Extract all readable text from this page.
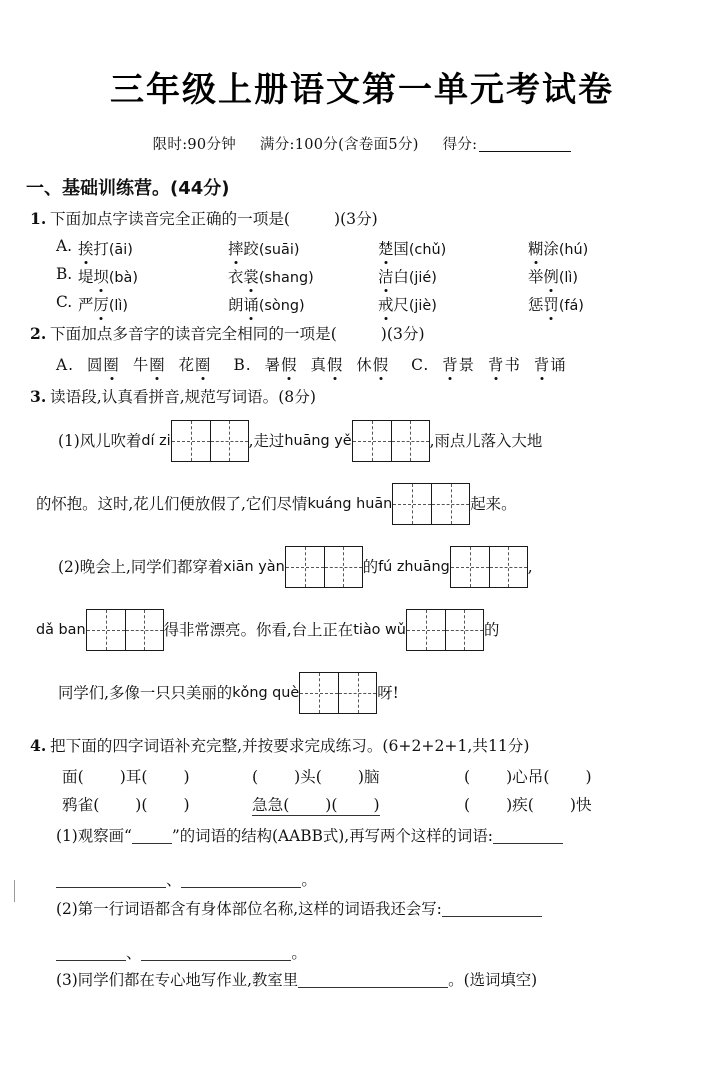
三年级上册语文第一单元考试卷
限时:90分钟 满分:100分(含卷面5分) 得分:
一、基础训练营。(44分)
1. 下面加点字读音完全正确的一项是(	)(3分)
A. 挨打(āi)	摔跤(suāi)	楚国(chǔ)	糊涂(hú)
B. 堤坝(bà)	衣裳(shang)	洁白(jié)	举例(lì)
C. 严厉(lì)	朗诵(sòng)	戒尺(jiè)	惩罚(fá)
2. 下面加点多音字的读音完全相同的一项是(	)(3分)
A. 圆圈 牛圈 花圈 B. 暑假 真假 休假 C. 背景 背书 背诵
3. 读语段,认真看拼音,规范写词语。(8分)
(1)风儿吹着dí zi	,走过huāng yě	,雨点儿落入大地
的怀抱。这时,花儿们便放假了,它们尽情kuáng huān	起来。
(2)晚会上,同学们都穿着xiān yàn	的fú zhuāng	,
dǎ ban	得非常漂亮。你看,台上正在tiào wǔ	的
同学们,多像一只只美丽的kǒng què	呀!
4. 把下面的四字词语补充完整,并按要求完成练习。(6+2+2+1,共11分)
面( )耳( )	( )头( )脑	( )心吊( )
鸦雀( )( )	急急( )( )	( )疾( )快
(1)观察画“	”的词语的结构(AABB式),再写两个这样的词语:
、	。
(2)第一行词语都含有身体部位名称,这样的词语我还会写:
、	。
(3)同学们都在专心地写作业,教室里	。(选词填空)
